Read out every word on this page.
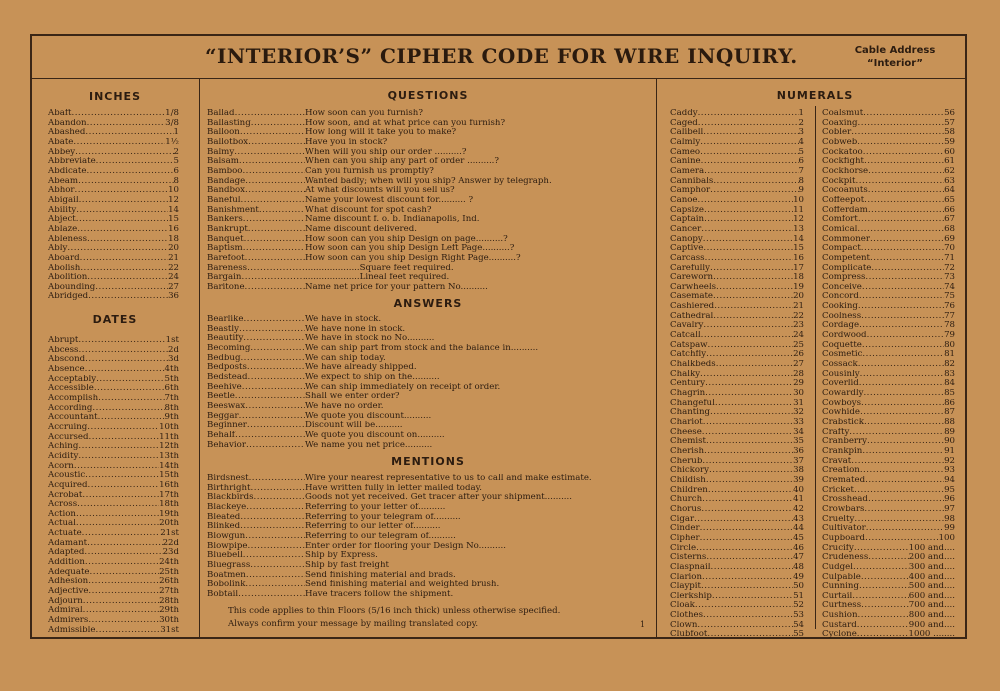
“INTERIOR’S” CIPHER CODE FOR WIRE INQUIRY.	Cable Address
“Interior”
INCHES
Abaft .....	1/8
Abandon .....	3/8
Abashed .....	1
Abate .....	1½
Abbey .....	2
Abbreviate .....	5
Abdicate .....	6
Abeam .....	8
Abhor .....	10
Abigail .....	12
Ability .....	14
Abject .....	15
Ablaze .....	16
Ableness .....	18
Ably .....	20
Aboard .....	21
Abolish .....	22
Abolition .....	24
Abounding .....	27
Abridged .....	36
DATES
Abrupt .....	1st
Abcess .....	2d
Abscond .....	3d
Absence .....	4th
Acceptably .....	5th
Accessible .....	6th
Accomplish .....	7th
According .....	8th
Accountant .....	9th
Accruing .....	10th
Accursed .....	11th
Aching .....	12th
Acidity .....	13th
Acorn .....	14th
Acoustic .....	15th
Acquired .....	16th
Acrobat .....	17th
Across .....	18th
Action .....	19th
Actual .....	20th
Actuate .....	21st
Adamant .....	22d
Adapted .....	23d
Addition .....	24th
Adequate .....	25th
Adhesion .....	26th
Adjective .....	27th
Adjourn .....	28th
Admiral .....	29th
Admirers .....	30th
Admissible .....	31st
QUESTIONS
Ballad .....	How soon can you furnish?
Ballasting .....	How soon, and at what price can you furnish?
Balloon .....	How long will it take you to make?
Ballotbox .....	Have you in stock?
Balmy .....	When will you ship our order ..........?
Balsam .....	When can you ship any part of order ..........?
Bamboo .....	Can you furnish us promptly?
Bandage .....	Wanted badly; when will you ship? Answer by telegraph.
Bandbox .....	At what discounts will you sell us?
Baneful .....	Name your lowest discount for.......... ?
Banishment .....	What discount for spot cash?
Bankers .....	Name discount f. o. b. Indianapolis, Ind.
Bankrupt .....	Name discount delivered.
Banquet .....	How soon can you ship Design on page..........?
Baptism .....	How soon can you ship Design Left Page..........?
Barefoot .....	How soon can you ship Design Right Page..........?
Bareness .....	....................Square feet required.
Bargain .....	....................Lineal feet required.
Baritone .....	Name net price for your pattern No..........
ANSWERS
Bearlike .....	We have in stock.
Beastly .....	We have none in stock.
Beautify .....	We have in stock no No..........
Becoming .....	We can ship part from stock and the balance in..........
Bedbug .....	We can ship today.
Bedposts .....	We have already shipped.
Bedstead .....	We expect to ship on the..........
Beehive .....	We can ship immediately on receipt of order.
Beetle .....	Shall we enter order?
Beeswax .....	We have no order.
Beggar .....	We quote you discount..........
Beginner .....	Discount will be..........
Behalf .....	We quote you discount on..........
Behavior .....	We name you net price..........
MENTIONS
Birdsnest .....	Wire your nearest representative to us to call and make estimate.
Birthright .....	Have written fully in letter mailed today.
Blackbirds .....	Goods not yet received. Get tracer after your shipment..........
Blackeye .....	Referring to your letter of..........
Bleated .....	Referring to your telegram of..........
Blinked .....	Referring to our letter of..........
Blowgun .....	Referring to our telegram of..........
Blowpipe .....	Enter order for flooring your Design No..........
Bluebell .....	Ship by Express.
Bluegrass .....	Ship by fast freight
Boatmen .....	Send finishing material and brads.
Bobolink .....	Send finishing material and weighted brush.
Bobtail .....	Have tracers follow the shipment.
This code applies to thin Floors (5/16 inch thick) unless otherwise specified.
Always confirm your message by mailing translated copy.	1
NUMERALS
Caddy .....	1
Caged .....	2
Calibell .....	3
Calmly .....	4
Cameo .....	5
Canine .....	6
Camera .....	7
Cannibals .....	8
Camphor .....	9
Canoe .....	10
Capsize .....	11
Captain .....	12
Cancer .....	13
Canopy .....	14
Captive .....	15
Carcass .....	16
Carefully .....	17
Careworn .....	18
Carwheels .....	19
Casemate .....	20
Cashiered .....	21
Cathedral .....	22
Cavalry .....	23
Catcall .....	24
Catspaw .....	25
Catchfly .....	26
Chalkbeds .....	27
Chalky .....	28
Century .....	29
Chagrin .....	30
Changeful .....	31
Chanting .....	32
Chariot .....	33
Cheese .....	34
Chemist .....	35
Cherish .....	36
Cherub .....	37
Chickory .....	38
Childish .....	39
Children .....	40
Church .....	41
Chorus .....	42
Cigar .....	43
Cinder .....	44
Cipher .....	45
Circle .....	46
Cisterns .....	47
Claspnail .....	48
Clarion .....	49
Claypit .....	50
Clerkship .....	51
Cloak .....	52
Clothes .....	53
Clown .....	54
Clubfoot .....	55
Coalsmut .....	56
Coaxing .....	57
Cobler .....	58
Cobweb .....	59
Cockatoo .....	60
Cockfight .....	61
Cockhorse .....	62
Cockpit .....	63
Cocoanuts .....	64
Coffeepot .....	65
Cofferdam .....	66
Comfort .....	67
Comical .....	68
Commoner .....	69
Compact .....	70
Competent .....	71
Complicate .....	72
Compress .....	73
Conceive .....	74
Concord .....	75
Cooking .....	76
Coolness .....	77
Cordage .....	78
Cordwood .....	79
Coquette .....	80
Cosmetic .....	81
Cossack .....	82
Cousinly .....	83
Coverlid .....	84
Cowardly .....	85
Cowboys .....	86
Cowhide .....	87
Crabstick .....	88
Crafty .....	89
Cranberry .....	90
Crankpin .....	91
Cravat .....	92
Creation .....	93
Cremated .....	94
Cricket .....	95
Crosshead .....	96
Crowbars .....	97
Cruelty .....	98
Cultivator .....	99
Cupboard .....	100
Crucify .....	100 and....
Crudeness .....	200 and....
Cudgel .....	300 and....
Culpable .....	400 and....
Cunning .....	500 and....
Curtail .....	600 and....
Curtness .....	700 and....
Cushion .....	800 and....
Custard .....	900 and....
Cyclone .....	1000 ........
